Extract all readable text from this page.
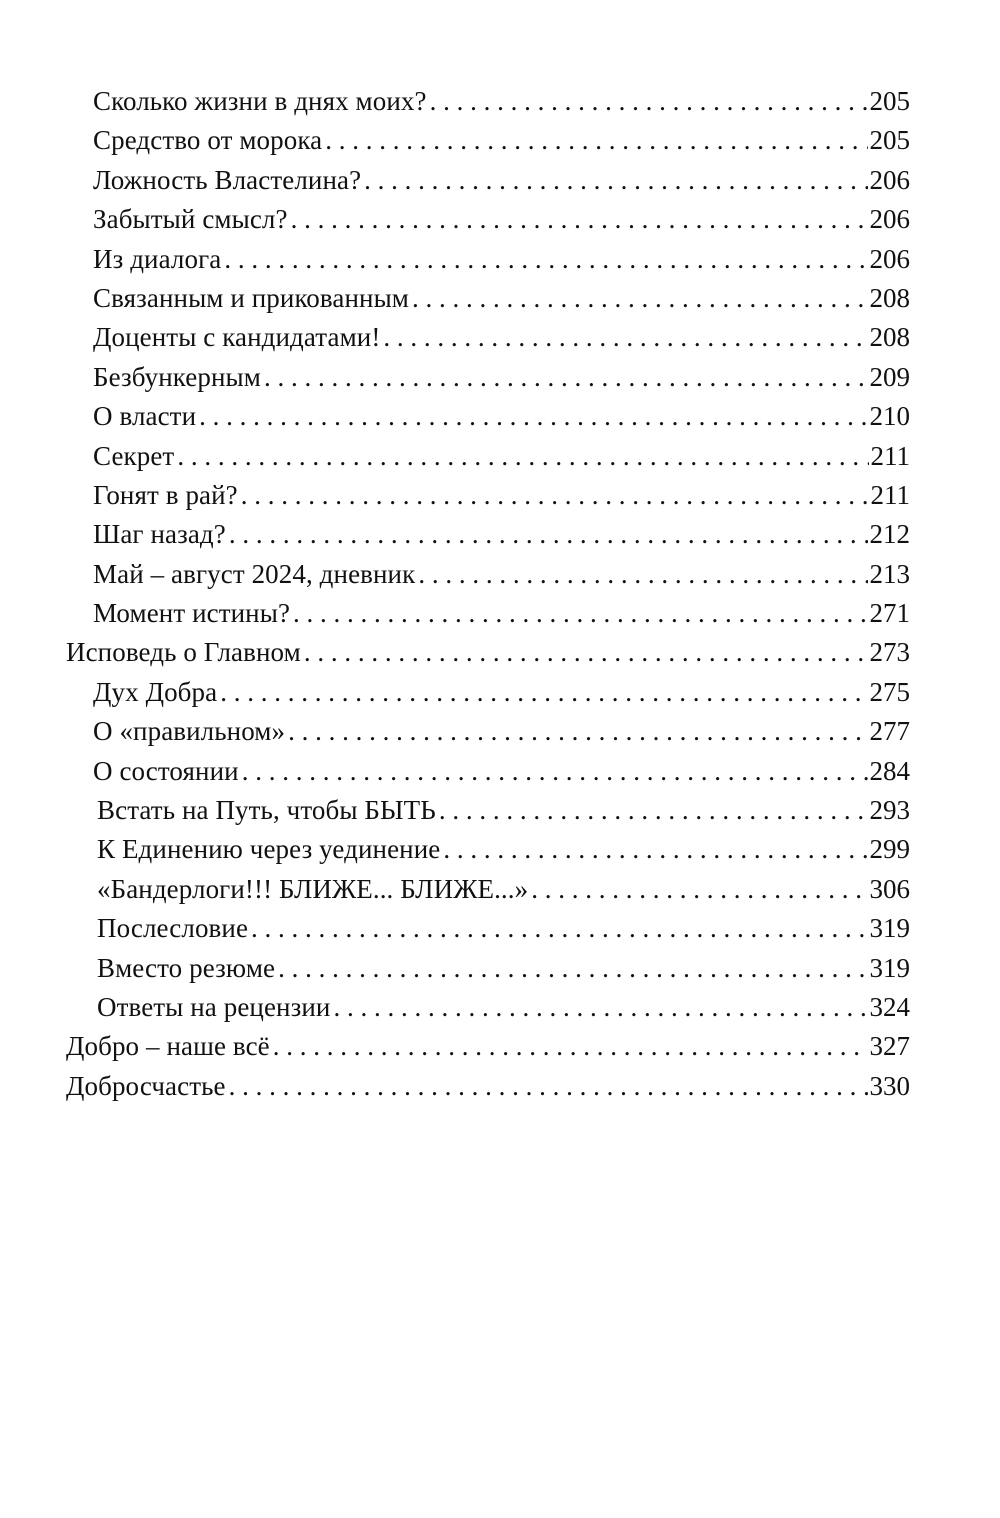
Сколько жизни в днях моих? . . .	205
Средство от морока . . .	205
Ложность Властелина? . . .	206
Забытый смысл? . . .	206
Из диалога . . .	206
Связанным и прикованным . . .	208
Доценты с кандидатами! . . .	208
Безбункерным . . .	209
О власти . . .	210
Секрет . . .	211
Гонят в рай? . . .	211
Шаг назад? . . .	212
Май – август 2024, дневник . . .	213
Момент истины? . . .	271
Исповедь о Главном . . .	273
Дух Добра . . .	275
О «правильном» . . .	277
О состоянии . . .	284
Встать на Путь, чтобы БЫТЬ . . .	293
К Единению через уединение . . .	299
«Бандерлоги!!! БЛИЖЕ... БЛИЖЕ...» . . .	306
Послесловие . . .	319
Вместо резюме . . .	319
Ответы на рецензии . . .	324
Добро – наше всё . . .	327
Добросчастье . . .	330
